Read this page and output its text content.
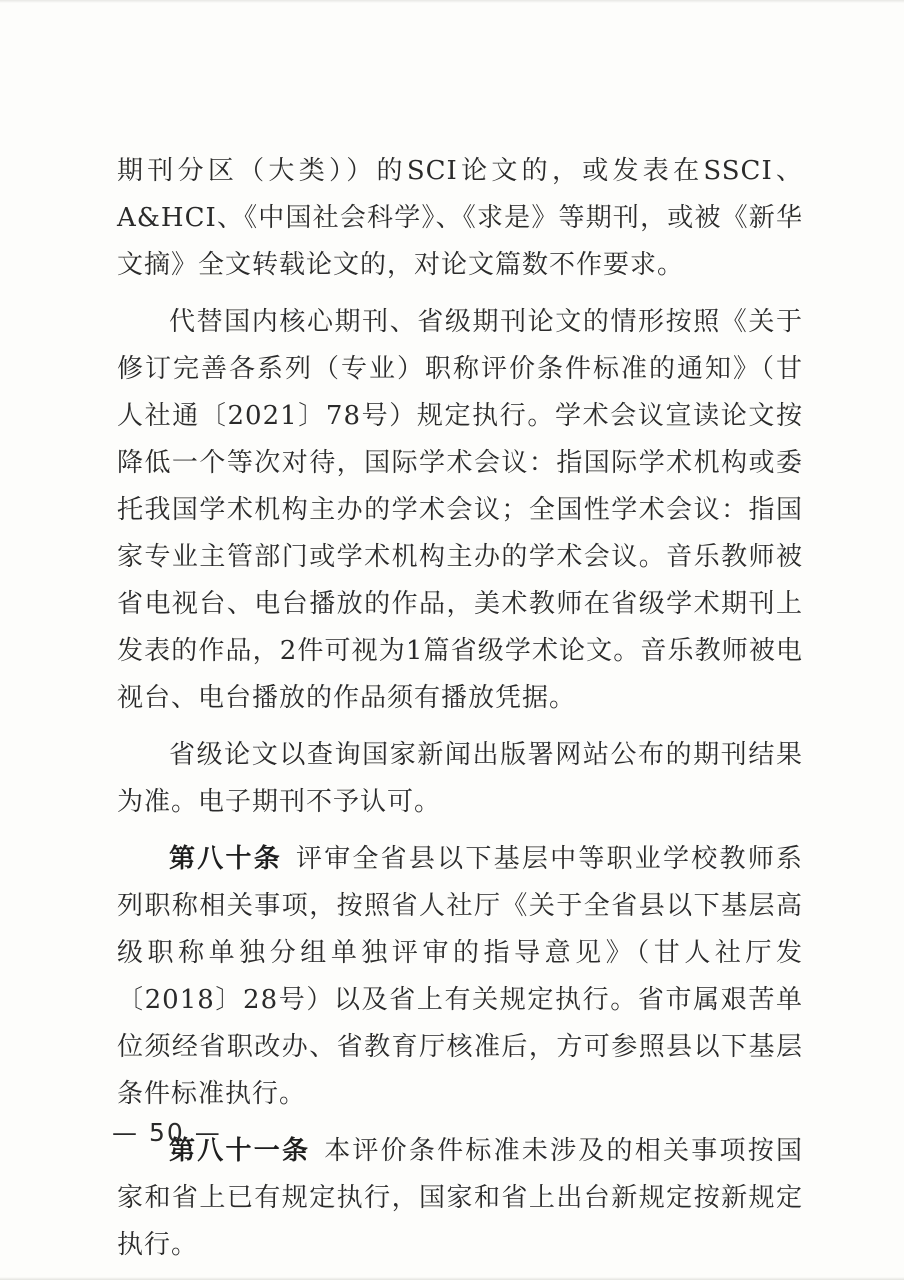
期刊分区（大类））的SCI论文的，或发表在SSCI、A&HCI、《中国社会科学》、《求是》等期刊，或被《新华文摘》全文转载论文的，对论文篇数不作要求。

代替国内核心期刊、省级期刊论文的情形按照《关于修订完善各系列（专业）职称评价条件标准的通知》（甘人社通〔2021〕78号）规定执行。学术会议宣读论文按降低一个等次对待，国际学术会议：指国际学术机构或委托我国学术机构主办的学术会议；全国性学术会议：指国家专业主管部门或学术机构主办的学术会议。音乐教师被省电视台、电台播放的作品，美术教师在省级学术期刊上发表的作品，2件可视为1篇省级学术论文。音乐教师被电视台、电台播放的作品须有播放凭据。

省级论文以查询国家新闻出版署网站公布的期刊结果为准。电子期刊不予认可。

第八十条 评审全省县以下基层中等职业学校教师系列职称相关事项，按照省人社厅《关于全省县以下基层高级职称单独分组单独评审的指导意见》（甘人社厅发〔2018〕28号）以及省上有关规定执行。省市属艰苦单位须经省职改办、省教育厅核准后，方可参照县以下基层条件标准执行。

第八十一条 本评价条件标准未涉及的相关事项按国家和省上已有规定执行，国家和省上出台新规定按新规定执行。

— 50 —
